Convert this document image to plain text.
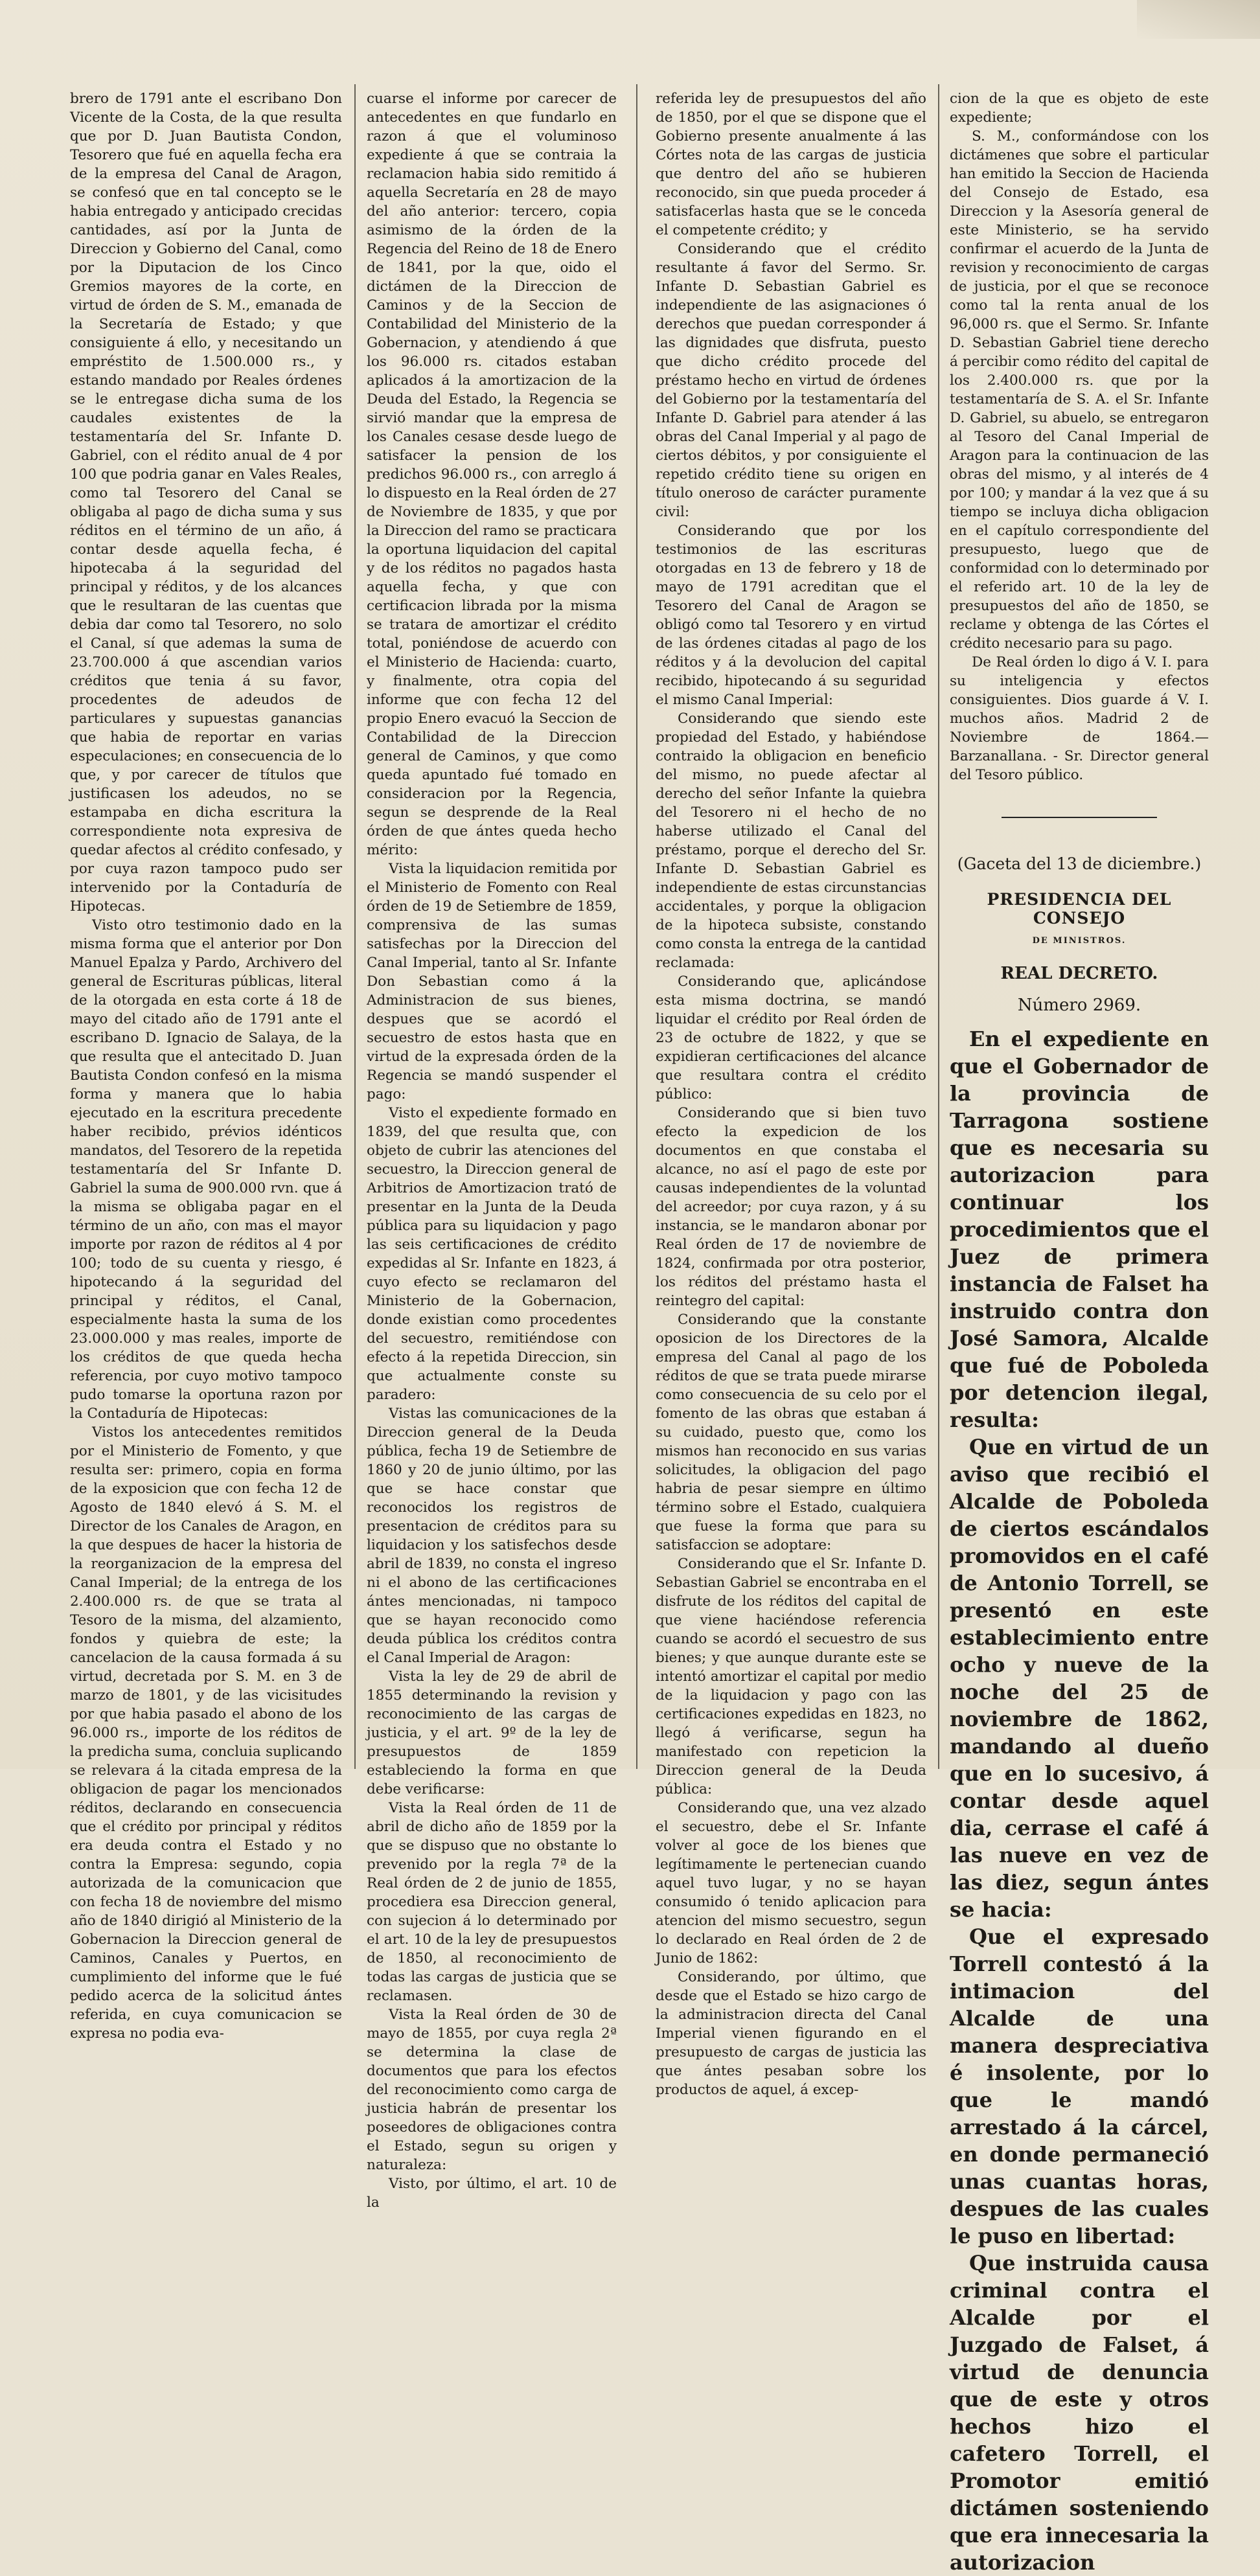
brero de 1791 ante el escribano Don Vicente de la Costa, de la que resulta que por D. Juan Bautista Condon, Tesorero que fué en aquella fecha era de la empresa del Canal de Aragon, se confesó que en tal concepto se le habia entregado y anticipado crecidas cantidades, así por la Junta de Direccion y Gobierno del Canal, como por la Diputacion de los Cinco Gremios mayores de la corte, en virtud de órden de S. M., emanada de la Secretaría de Estado; y que consiguiente á ello, y necesitando un empréstito de 1.500.000 rs., y estando mandado por Reales órdenes se le entregase dicha suma de los caudales existentes de la testamentaría del Sr. Infante D. Gabriel, con el rédito anual de 4 por 100 que podria ganar en Vales Reales, como tal Tesorero del Canal se obligaba al pago de dicha suma y sus réditos en el término de un año, á contar desde aquella fecha, é hipotecaba á la seguridad del principal y réditos, y de los alcances que le resultaran de las cuentas que debia dar como tal Tesorero, no solo el Canal, sí que ademas la suma de 23.700.000 á que ascendian varios créditos que tenia á su favor, procedentes de adeudos de particulares y supuestas ganancias que habia de reportar en varias especulaciones; en consecuencia de lo que, y por carecer de títulos que justificasen los adeudos, no se estampaba en dicha escritura la correspondiente nota expresiva de quedar afectos al crédito confesado, y por cuya razon tampoco pudo ser intervenido por la Contaduría de Hipotecas.

Visto otro testimonio dado en la misma forma que el anterior por Don Manuel Epalza y Pardo, Archivero del general de Escrituras públicas, literal de la otorgada en esta corte á 18 de mayo del citado año de 1791 ante el escribano D. Ignacio de Salaya, de la que resulta que el antecitado D. Juan Bautista Condon confesó en la misma forma y manera que lo habia ejecutado en la escritura precedente haber recibido, prévios idénticos mandatos, del Tesorero de la repetida testamentaría del Sr Infante D. Gabriel la suma de 900.000 rvn. que á la misma se obligaba pagar en el término de un año, con mas el mayor importe por razon de réditos al 4 por 100; todo de su cuenta y riesgo, é hipotecando á la seguridad del principal y réditos, el Canal, especialmente hasta la suma de los 23.000.000 y mas reales, importe de los créditos de que queda hecha referencia, por cuyo motivo tampoco pudo tomarse la oportuna razon por la Contaduría de Hipotecas:

Vistos los antecedentes remitidos por el Ministerio de Fomento, y que resulta ser: primero, copia en forma de la exposicion que con fecha 12 de Agosto de 1840 elevó á S. M. el Director de los Canales de Aragon, en la que despues de hacer la historia de la reorganizacion de la empresa del Canal Imperial; de la entrega de los 2.400.000 rs. de que se trata al Tesoro de la misma, del alzamiento, fondos y quiebra de este; la cancelacion de la causa formada á su virtud, decretada por S. M. en 3 de marzo de 1801, y de las vicisitudes por que habia pasado el abono de los 96.000 rs., importe de los réditos de la predicha suma, concluia suplicando se relevara á la citada empresa de la obligacion de pagar los mencionados réditos, declarando en consecuencia que el crédito por principal y réditos era deuda contra el Estado y no contra la Empresa: segundo, copia autorizada de la comunicacion que con fecha 18 de noviembre del mismo año de 1840 dirigió al Ministerio de la Gobernacion la Direccion general de Caminos, Canales y Puertos, en cumplimiento del informe que le fué pedido acerca de la solicitud ántes referida, en cuya comunicacion se expresa no podia eva-

cuarse el informe por carecer de antecedentes en que fundarlo en razon á que el voluminoso expediente á que se contraia la reclamacion habia sido remitido á aquella Secretaría en 28 de mayo del año anterior: tercero, copia asimismo de la órden de la Regencia del Reino de 18 de Enero de 1841, por la que, oido el dictámen de la Direccion de Caminos y de la Seccion de Contabilidad del Ministerio de la Gobernacion, y atendiendo á que los 96.000 rs. citados estaban aplicados á la amortizacion de la Deuda del Estado, la Regencia se sirvió mandar que la empresa de los Canales cesase desde luego de satisfacer la pension de los predichos 96.000 rs., con arreglo á lo dispuesto en la Real órden de 27 de Noviembre de 1835, y que por la Direccion del ramo se practicara la oportuna liquidacion del capital y de los réditos no pagados hasta aquella fecha, y que con certificacion librada por la misma se tratara de amortizar el crédito total, poniéndose de acuerdo con el Ministerio de Hacienda: cuarto, y finalmente, otra copia del informe que con fecha 12 del propio Enero evacuó la Seccion de Contabilidad de la Direccion general de Caminos, y que como queda apuntado fué tomado en consideracion por la Regencia, segun se desprende de la Real órden de que ántes queda hecho mérito:

Vista la liquidacion remitida por el Ministerio de Fomento con Real órden de 19 de Setiembre de 1859, comprensiva de las sumas satisfechas por la Direccion del Canal Imperial, tanto al Sr. Infante Don Sebastian como á la Administracion de sus bienes, despues que se acordó el secuestro de estos hasta que en virtud de la expresada órden de la Regencia se mandó suspender el pago:

Visto el expediente formado en 1839, del que resulta que, con objeto de cubrir las atenciones del secuestro, la Direccion general de Arbitrios de Amortizacion trató de presentar en la Junta de la Deuda pública para su liquidacion y pago las seis certificaciones de crédito expedidas al Sr. Infante en 1823, á cuyo efecto se reclamaron del Ministerio de la Gobernacion, donde existian como procedentes del secuestro, remitiéndose con efecto á la repetida Direccion, sin que actualmente conste su paradero:

Vistas las comunicaciones de la Direccion general de la Deuda pública, fecha 19 de Setiembre de 1860 y 20 de junio último, por las que se hace constar que reconocidos los registros de presentacion de créditos para su liquidacion y los satisfechos desde abril de 1839, no consta el ingreso ni el abono de las certificaciones ántes mencionadas, ni tampoco que se hayan reconocido como deuda pública los créditos contra el Canal Imperial de Aragon:

Vista la ley de 29 de abril de 1855 determinando la revision y reconocimiento de las cargas de justicia, y el art. 9º de la ley de presupuestos de 1859 estableciendo la forma en que debe verificarse:

Vista la Real órden de 11 de abril de dicho año de 1859 por la que se dispuso que no obstante lo prevenido por la regla 7ª de la Real órden de 2 de junio de 1855, procediera esa Direccion general, con sujecion á lo determinado por el art. 10 de la ley de presupuestos de 1850, al reconocimiento de todas las cargas de justicia que se reclamasen.

Vista la Real órden de 30 de mayo de 1855, por cuya regla 2ª se determina la clase de documentos que para los efectos del reconocimiento como carga de justicia habrán de presentar los poseedores de obligaciones contra el Estado, segun su origen y naturaleza:

Visto, por último, el art. 10 de la

referida ley de presupuestos del año de 1850, por el que se dispone que el Gobierno presente anualmente á las Córtes nota de las cargas de justicia que dentro del año se hubieren reconocido, sin que pueda proceder á satisfacerlas hasta que se le conceda el competente crédito; y

Considerando que el crédito resultante á favor del Sermo. Sr. Infante D. Sebastian Gabriel es independiente de las asignaciones ó derechos que puedan corresponder á las dignidades que disfruta, puesto que dicho crédito procede del préstamo hecho en virtud de órdenes del Gobierno por la testamentaría del Infante D. Gabriel para atender á las obras del Canal Imperial y al pago de ciertos débitos, y por consiguiente el repetido crédito tiene su origen en título oneroso de carácter puramente civil:

Considerando que por los testimonios de las escrituras otorgadas en 13 de febrero y 18 de mayo de 1791 acreditan que el Tesorero del Canal de Aragon se obligó como tal Tesorero y en virtud de las órdenes citadas al pago de los réditos y á la devolucion del capital recibido, hipotecando á su seguridad el mismo Canal Imperial:

Considerando que siendo este propiedad del Estado, y habiéndose contraido la obligacion en beneficio del mismo, no puede afectar al derecho del señor Infante la quiebra del Tesorero ni el hecho de no haberse utilizado el Canal del préstamo, porque el derecho del Sr. Infante D. Sebastian Gabriel es independiente de estas circunstancias accidentales, y porque la obligacion de la hipoteca subsiste, constando como consta la entrega de la cantidad reclamada:

Considerando que, aplicándose esta misma doctrina, se mandó liquidar el crédito por Real órden de 23 de octubre de 1822, y que se expidieran certificaciones del alcance que resultara contra el crédito público:

Considerando que si bien tuvo efecto la expedicion de los documentos en que constaba el alcance, no así el pago de este por causas independientes de la voluntad del acreedor; por cuya razon, y á su instancia, se le mandaron abonar por Real órden de 17 de noviembre de 1824, confirmada por otra posterior, los réditos del préstamo hasta el reintegro del capital:

Considerando que la constante oposicion de los Directores de la empresa del Canal al pago de los réditos de que se trata puede mirarse como consecuencia de su celo por el fomento de las obras que estaban á su cuidado, puesto que, como los mismos han reconocido en sus varias solicitudes, la obligacion del pago habria de pesar siempre en último término sobre el Estado, cualquiera que fuese la forma que para su satisfaccion se adoptare:

Considerando que el Sr. Infante D. Sebastian Gabriel se encontraba en el disfrute de los réditos del capital de que viene haciéndose referencia cuando se acordó el secuestro de sus bienes; y que aunque durante este se intentó amortizar el capital por medio de la liquidacion y pago con las certificaciones expedidas en 1823, no llegó á verificarse, segun ha manifestado con repeticion la Direccion general de la Deuda pública:

Considerando que, una vez alzado el secuestro, debe el Sr. Infante volver al goce de los bienes que legítimamente le pertenecian cuando aquel tuvo lugar, y no se hayan consumido ó tenido aplicacion para atencion del mismo secuestro, segun lo declarado en Real órden de 2 de Junio de 1862:

Considerando, por último, que desde que el Estado se hizo cargo de la administracion directa del Canal Imperial vienen figurando en el presupuesto de cargas de justicia las que ántes pesaban sobre los productos de aquel, á excep-

cion de la que es objeto de este expediente;

S. M., conformándose con los dictámenes que sobre el particular han emitido la Seccion de Hacienda del Consejo de Estado, esa Direccion y la Asesoría general de este Ministerio, se ha servido confirmar el acuerdo de la Junta de revision y reconocimiento de cargas de justicia, por el que se reconoce como tal la renta anual de los 96,000 rs. que el Sermo. Sr. Infante D. Sebastian Gabriel tiene derecho á percibir como rédito del capital de los 2.400.000 rs. que por la testamentaría de S. A. el Sr. Infante D. Gabriel, su abuelo, se entregaron al Tesoro del Canal Imperial de Aragon para la continuacion de las obras del mismo, y al interés de 4 por 100; y mandar á la vez que á su tiempo se incluya dicha obligacion en el capítulo correspondiente del presupuesto, luego que de conformidad con lo determinado por el referido art. 10 de la ley de presupuestos del año de 1850, se reclame y obtenga de las Córtes el crédito necesario para su pago.

De Real órden lo digo á V. I. para su inteligencia y efectos consiguientes. Dios guarde á V. I. muchos años. Madrid 2 de Noviembre de 1864.— Barzanallana. - Sr. Director general del Tesoro público.

(Gaceta del 13 de diciembre.)
PRESIDENCIA DEL CONSEJO
DE MINISTROS.
REAL DECRETO.
Número 2969.

En el expediente en que el Gobernador de la provincia de Tarragona sostiene que es necesaria su autorizacion para continuar los procedimientos que el Juez de primera instancia de Falset ha instruido contra don José Samora, Alcalde que fué de Poboleda por detencion ilegal, resulta:

Que en virtud de un aviso que recibió el Alcalde de Poboleda de ciertos escándalos promovidos en el café de Antonio Torrell, se presentó en este establecimiento entre ocho y nueve de la noche del 25 de noviembre de 1862, mandando al dueño que en lo sucesivo, á contar desde aquel dia, cerrase el café á las nueve en vez de las diez, segun ántes se hacia:

Que el expresado Torrell contestó á la intimacion del Alcalde de una manera despreciativa é insolente, por lo que le mandó arrestado á la cárcel, en donde permaneció unas cuantas horas, despues de las cuales le puso en libertad:

Que instruida causa criminal contra el Alcalde por el Juzgado de Falset, á virtud de denuncia que de este y otros hechos hizo el cafetero Torrell, el Promotor emitió dictámen sosteniendo que era innecesaria la autorizacion
